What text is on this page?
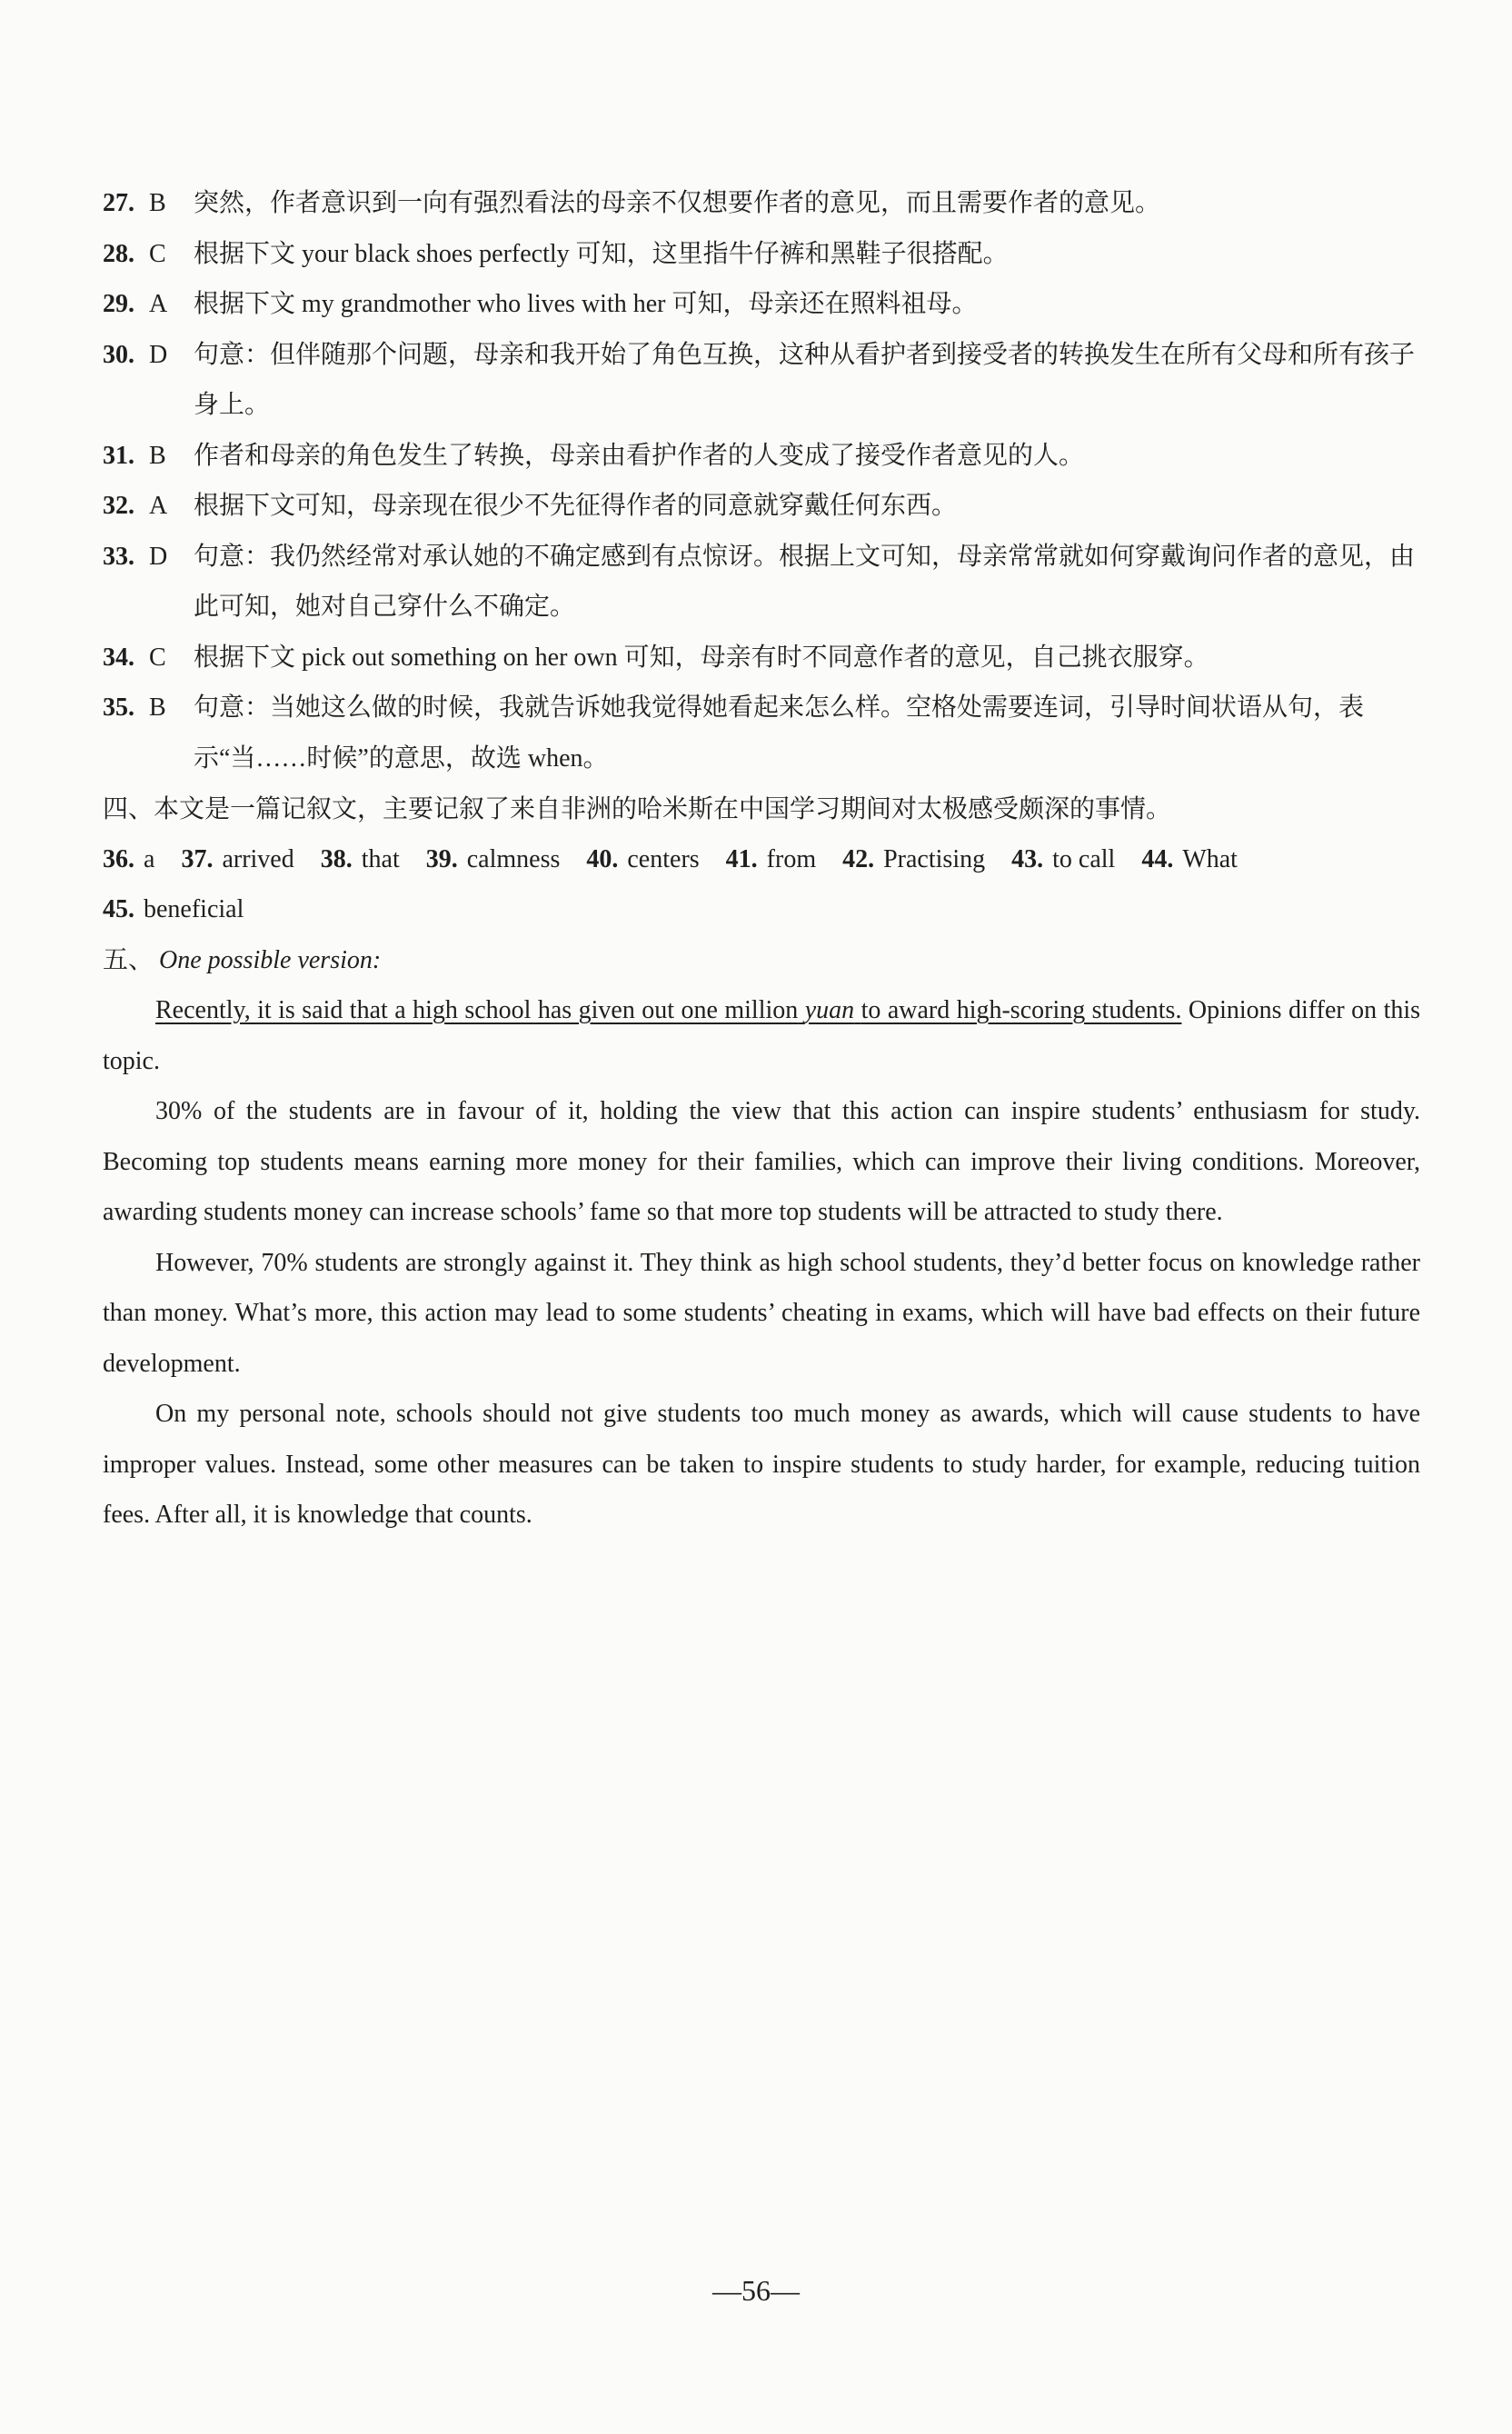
27. B 突然，作者意识到一向有强烈看法的母亲不仅想要作者的意见，而且需要作者的意见。
28. C 根据下文 your black shoes perfectly 可知，这里指牛仔裤和黑鞋子很搭配。
29. A 根据下文 my grandmother who lives with her 可知，母亲还在照料祖母。
30. D 句意：但伴随那个问题，母亲和我开始了角色互换，这种从看护者到接受者的转换发生在所有父母和所有孩子身上。
31. B 作者和母亲的角色发生了转换，母亲由看护作者的人变成了接受作者意见的人。
32. A 根据下文可知，母亲现在很少不先征得作者的同意就穿戴任何东西。
33. D 句意：我仍然经常对承认她的不确定感到有点惊讶。根据上文可知，母亲常常就如何穿戴询问作者的意见，由此可知，她对自己穿什么不确定。
34. C 根据下文 pick out something on her own 可知，母亲有时不同意作者的意见，自己挑衣服穿。
35. B 句意：当她这么做的时候，我就告诉她我觉得她看起来怎么样。空格处需要连词，引导时间状语从句，表示“当……时候”的意思，故选 when。
四、本文是一篇记叙文，主要记叙了来自非洲的哈米斯在中国学习期间对太极感受颇深的事情。
36. a 37. arrived 38. that 39. calmness 40. centers 41. from 42. Practising 43. to call 44. What
45. beneficial
五、 One possible version:
Recently, it is said that a high school has given out one million yuan to award high-scoring students. Opinions differ on this topic.
30% of the students are in favour of it, holding the view that this action can inspire students’ enthusiasm for study. Becoming top students means earning more money for their families, which can improve their living conditions. Moreover, awarding students money can increase schools’ fame so that more top students will be attracted to study there.
However, 70% students are strongly against it. They think as high school students, they’d better focus on knowledge rather than money. What’s more, this action may lead to some students’ cheating in exams, which will have bad effects on their future development.
On my personal note, schools should not give students too much money as awards, which will cause students to have improper values. Instead, some other measures can be taken to inspire students to study harder, for example, reducing tuition fees. After all, it is knowledge that counts.
—56—
